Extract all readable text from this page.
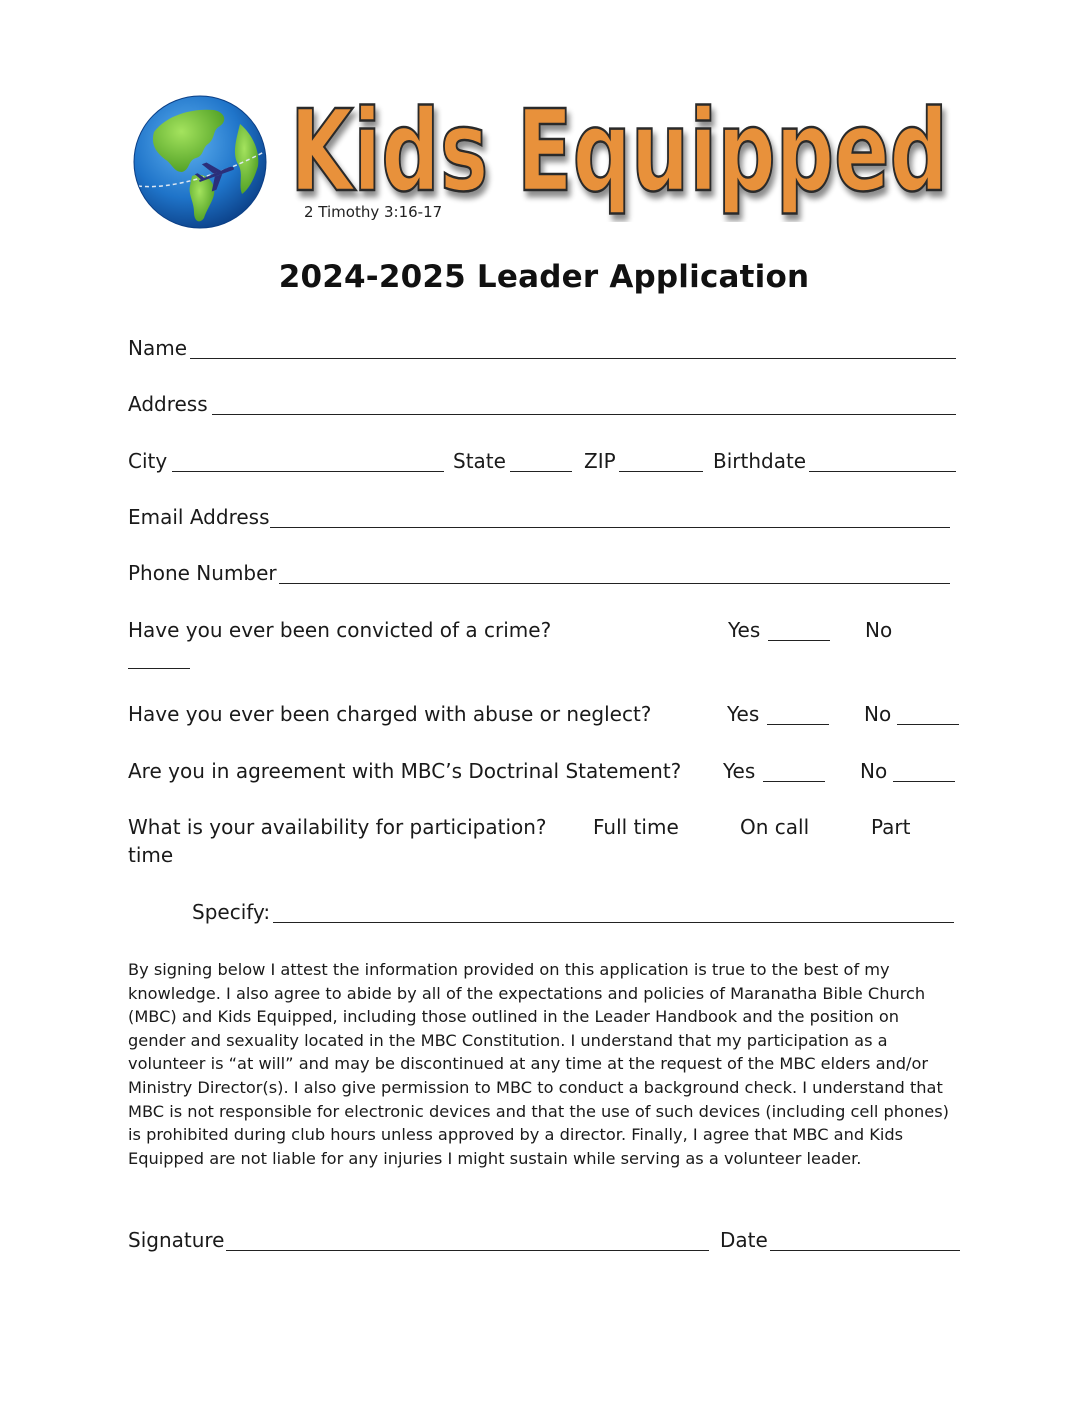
Kids Equipped
2 Timothy 3:16-17
2024-2025 Leader Application
Name
Address
City	State	ZIP	Birthdate
Email Address
Phone Number
Have you ever been convicted of a crime?	Yes	No
Have you ever been charged with abuse or neglect?	Yes	No
Are you in agreement with MBC’s Doctrinal Statement? Yes	No
What is your availability for participation? Full time	On call	Part
time
Specify:
By signing below I attest the information provided on this application is true to the best of my knowledge. I also agree to abide by all of the expectations and policies of Maranatha Bible Church (MBC) and Kids Equipped, including those outlined in the Leader Handbook and the position on gender and sexuality located in the MBC Constitution. I understand that my participation as a volunteer is “at will” and may be discontinued at any time at the request of the MBC elders and/or Ministry Director(s). I also give permission to MBC to conduct a background check. I understand that MBC is not responsible for electronic devices and that the use of such devices (including cell phones) is prohibited during club hours unless approved by a director. Finally, I agree that MBC and Kids Equipped are not liable for any injuries I might sustain while serving as a volunteer leader.
Signature	Date
